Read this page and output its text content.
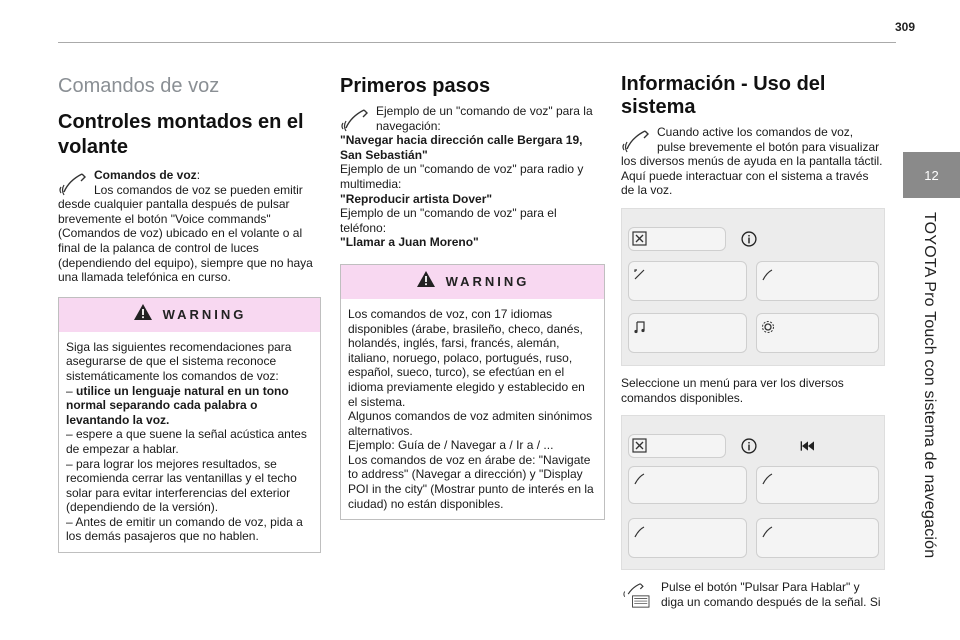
309
12
TOYOTA Pro Touch con sistema de navegación
Comandos de voz
Controles montados en el volante

Comandos de voz:
Los comandos de voz se pueden emitir desde cualquier pantalla después de pulsar brevemente el botón "Voice commands" (Comandos de voz) ubicado en el volante o al final de la palanca de control de luces (dependiendo del equipo), siempre que no haya una llamada telefónica en curso.

WARNING

Siga las siguientes recomendaciones para asegurarse de que el sistema reconoce sistemáticamente los comandos de voz:

– utilice un lenguaje natural en un tono normal separando cada palabra o levantando la voz.

– espere a que suene la señal acústica antes de empezar a hablar.

– para lograr los mejores resultados, se recomienda cerrar las ventanillas y el techo solar para evitar interferencias del exterior (dependiendo de la versión).

– Antes de emitir un comando de voz, pida a los demás pasajeros que no hablen.

Primeros pasos

Ejemplo de un "comando de voz" para la navegación:

"Navegar hacia dirección calle Bergara 19, San Sebastián"

Ejemplo de un "comando de voz" para radio y multimedia:

"Reproducir artista Dover"

Ejemplo de un "comando de voz" para el teléfono:

"Llamar a Juan Moreno"

WARNING

Los comandos de voz, con 17 idiomas disponibles (árabe, brasileño, checo, danés, holandés, inglés, farsi, francés, alemán, italiano, noruego, polaco, portugués, ruso, español, sueco, turco), se efectúan en el idioma previamente elegido y establecido en el sistema.

Algunos comandos de voz admiten sinónimos alternativos.

Ejemplo: Guía de / Navegar a / Ir a / ...

Los comandos de voz en árabe de: "Navigate to address" (Navegar a dirección) y "Display POI in the city" (Mostrar punto de interés en la ciudad) no están disponibles.

Información - Uso del sistema

Cuando active los comandos de voz, pulse brevemente el botón para visualizar los diversos menús de ayuda en la pantalla táctil. Aquí puede interactuar con el sistema a través de la voz.

Seleccione un menú para ver los diversos comandos disponibles.

Pulse el botón "Pulsar Para Hablar" y diga un comando después de la señal. Si
